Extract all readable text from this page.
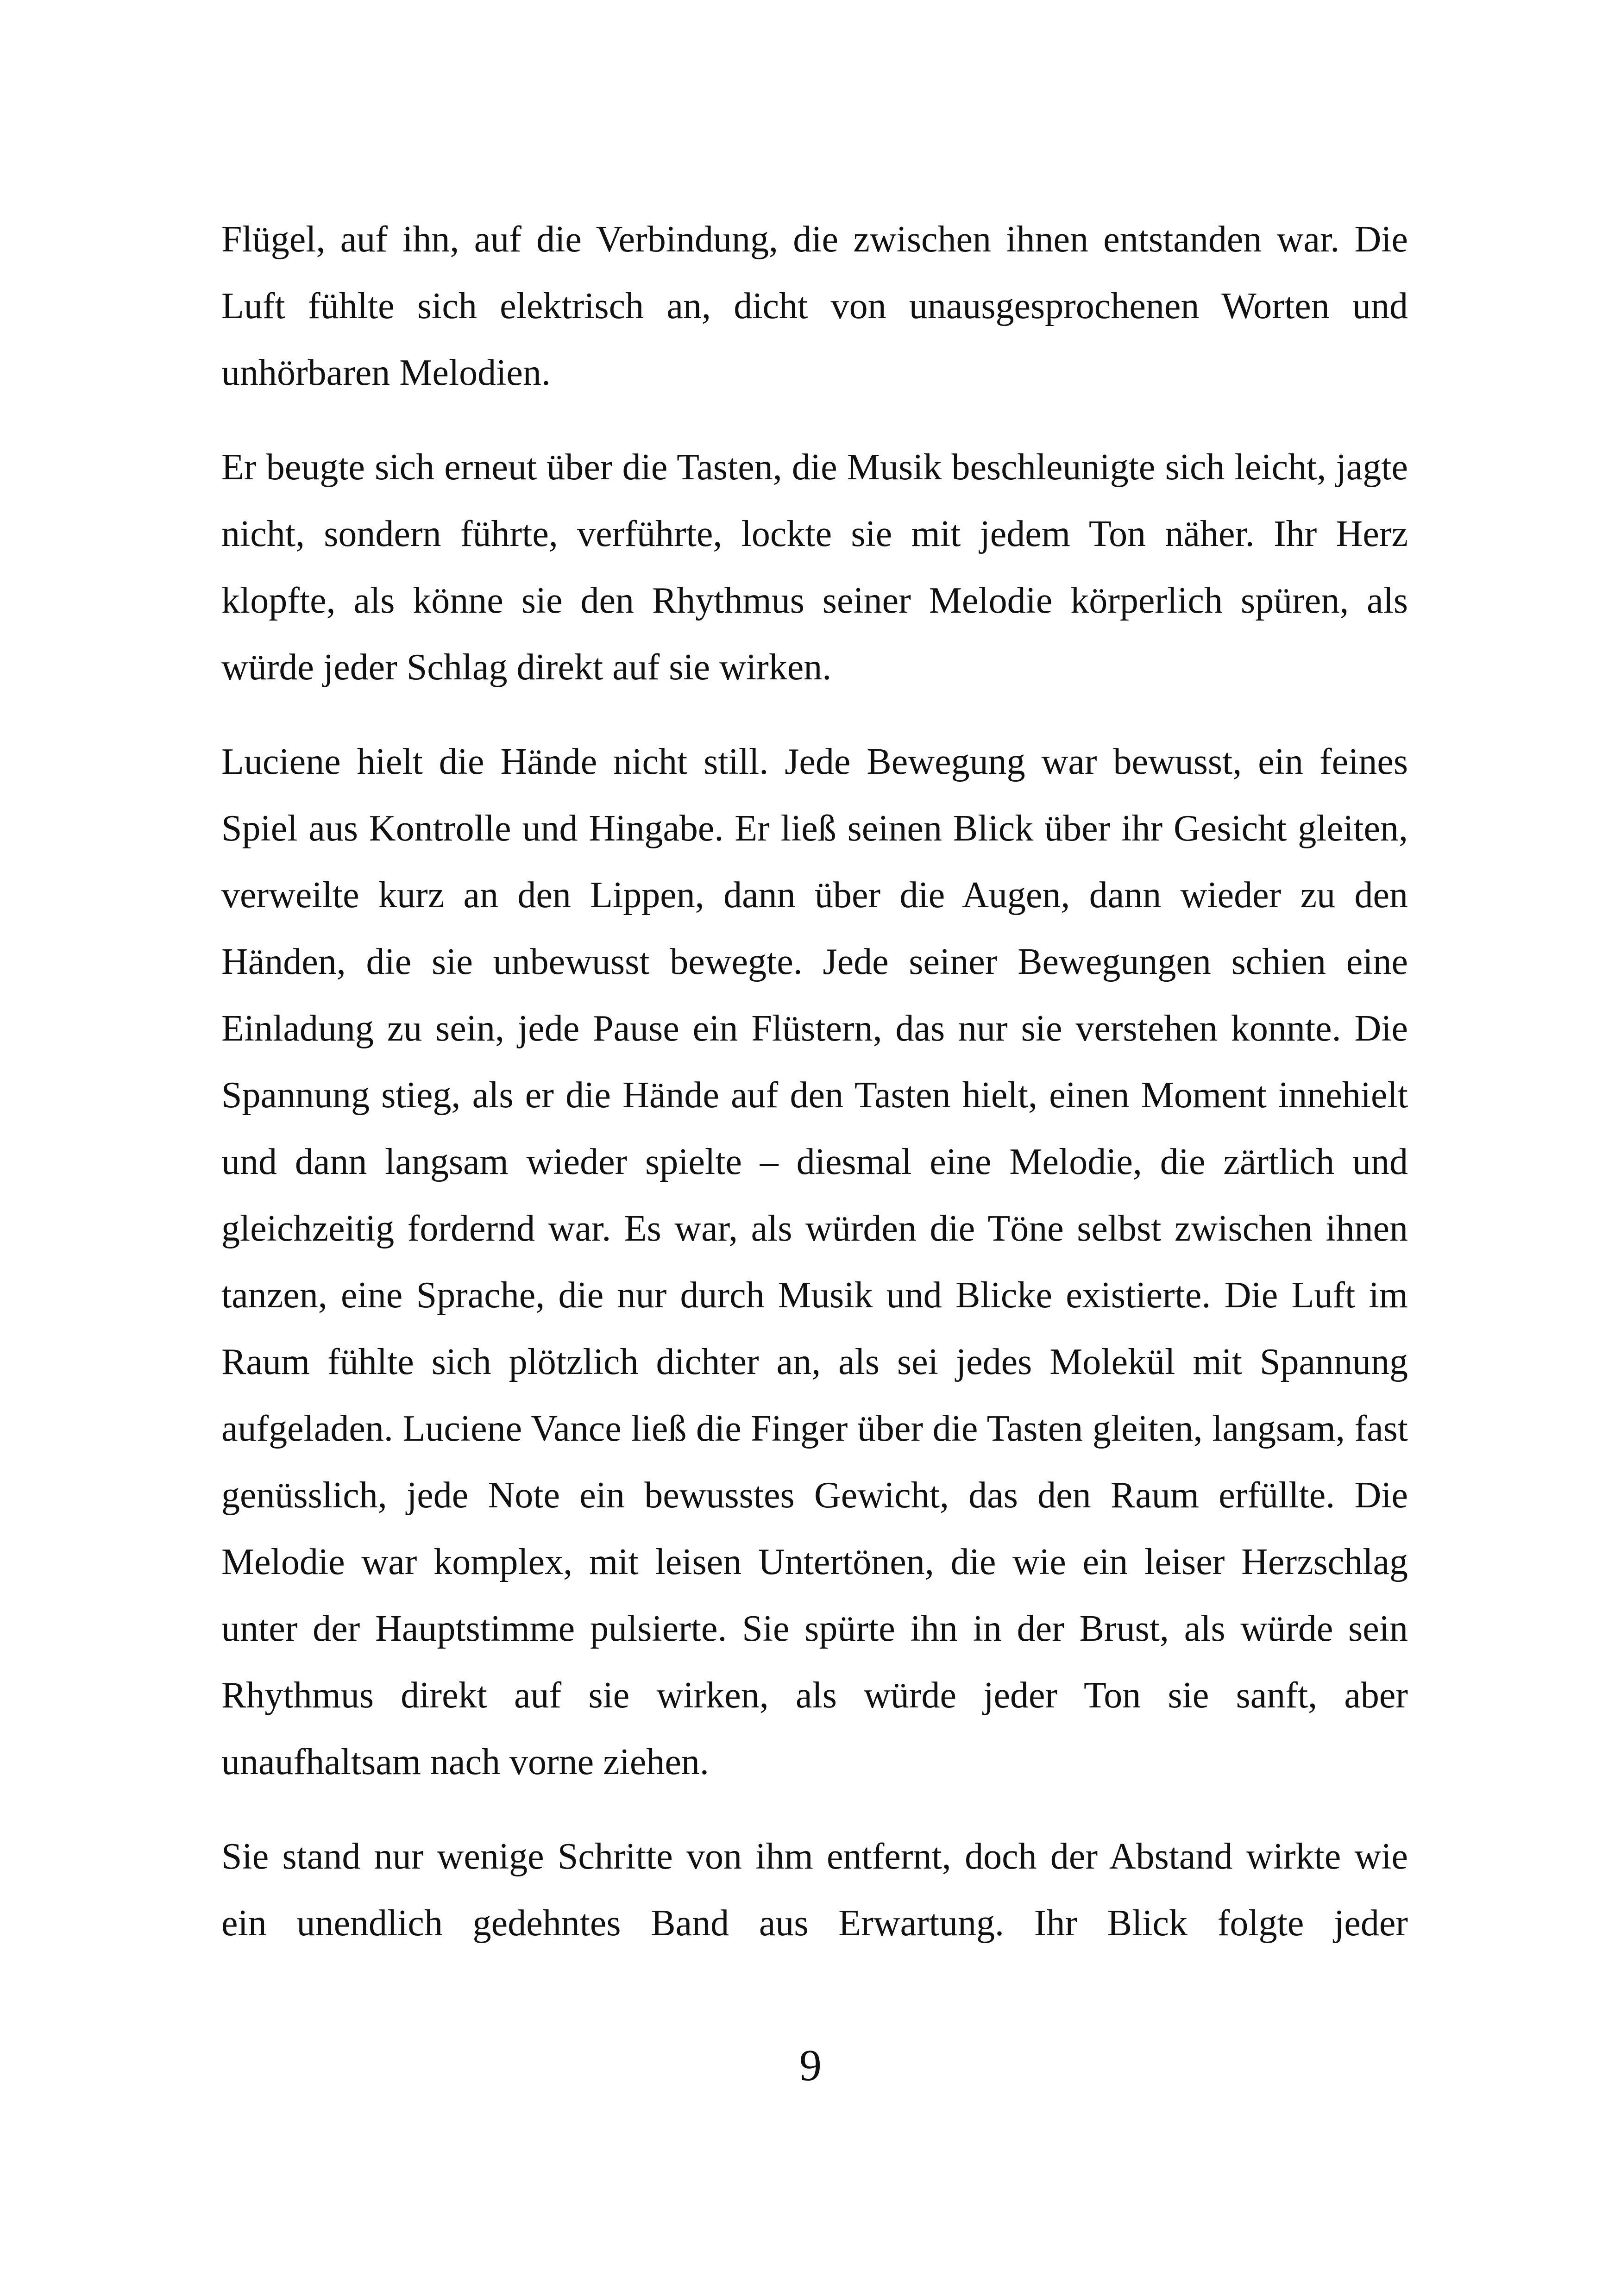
Flügel, auf ihn, auf die Verbindung, die zwischen ihnen entstanden war. Die Luft fühlte sich elektrisch an, dicht von unausgesprochenen Worten und unhörbaren Melodien.

Er beugte sich erneut über die Tasten, die Musik beschleunigte sich leicht, jagte nicht, sondern führte, verführte, lockte sie mit jedem Ton näher. Ihr Herz klopfte, als könne sie den Rhythmus seiner Melodie körperlich spüren, als würde jeder Schlag direkt auf sie wirken.

Luciene hielt die Hände nicht still. Jede Bewegung war bewusst, ein feines Spiel aus Kontrolle und Hingabe. Er ließ seinen Blick über ihr Gesicht gleiten, verweilte kurz an den Lippen, dann über die Augen, dann wieder zu den Händen, die sie unbewusst bewegte. Jede seiner Bewegungen schien eine Einladung zu sein, jede Pause ein Flüstern, das nur sie verstehen konnte. Die Spannung stieg, als er die Hände auf den Tasten hielt, einen Moment innehielt und dann langsam wieder spielte – diesmal eine Melodie, die zärtlich und gleichzeitig fordernd war. Es war, als würden die Töne selbst zwischen ihnen tanzen, eine Sprache, die nur durch Musik und Blicke existierte. Die Luft im Raum fühlte sich plötzlich dichter an, als sei jedes Molekül mit Spannung aufgeladen. Luciene Vance ließ die Finger über die Tasten gleiten, langsam, fast genüsslich, jede Note ein bewusstes Gewicht, das den Raum erfüllte. Die Melodie war komplex, mit leisen Untertönen, die wie ein leiser Herzschlag unter der Hauptstimme pulsierte. Sie spürte ihn in der Brust, als würde sein Rhythmus direkt auf sie wirken, als würde jeder Ton sie sanft, aber unaufhaltsam nach vorne ziehen.

Sie stand nur wenige Schritte von ihm entfernt, doch der Abstand wirkte wie ein unendlich gedehntes Band aus Erwartung. Ihr Blick folgte jeder

9
